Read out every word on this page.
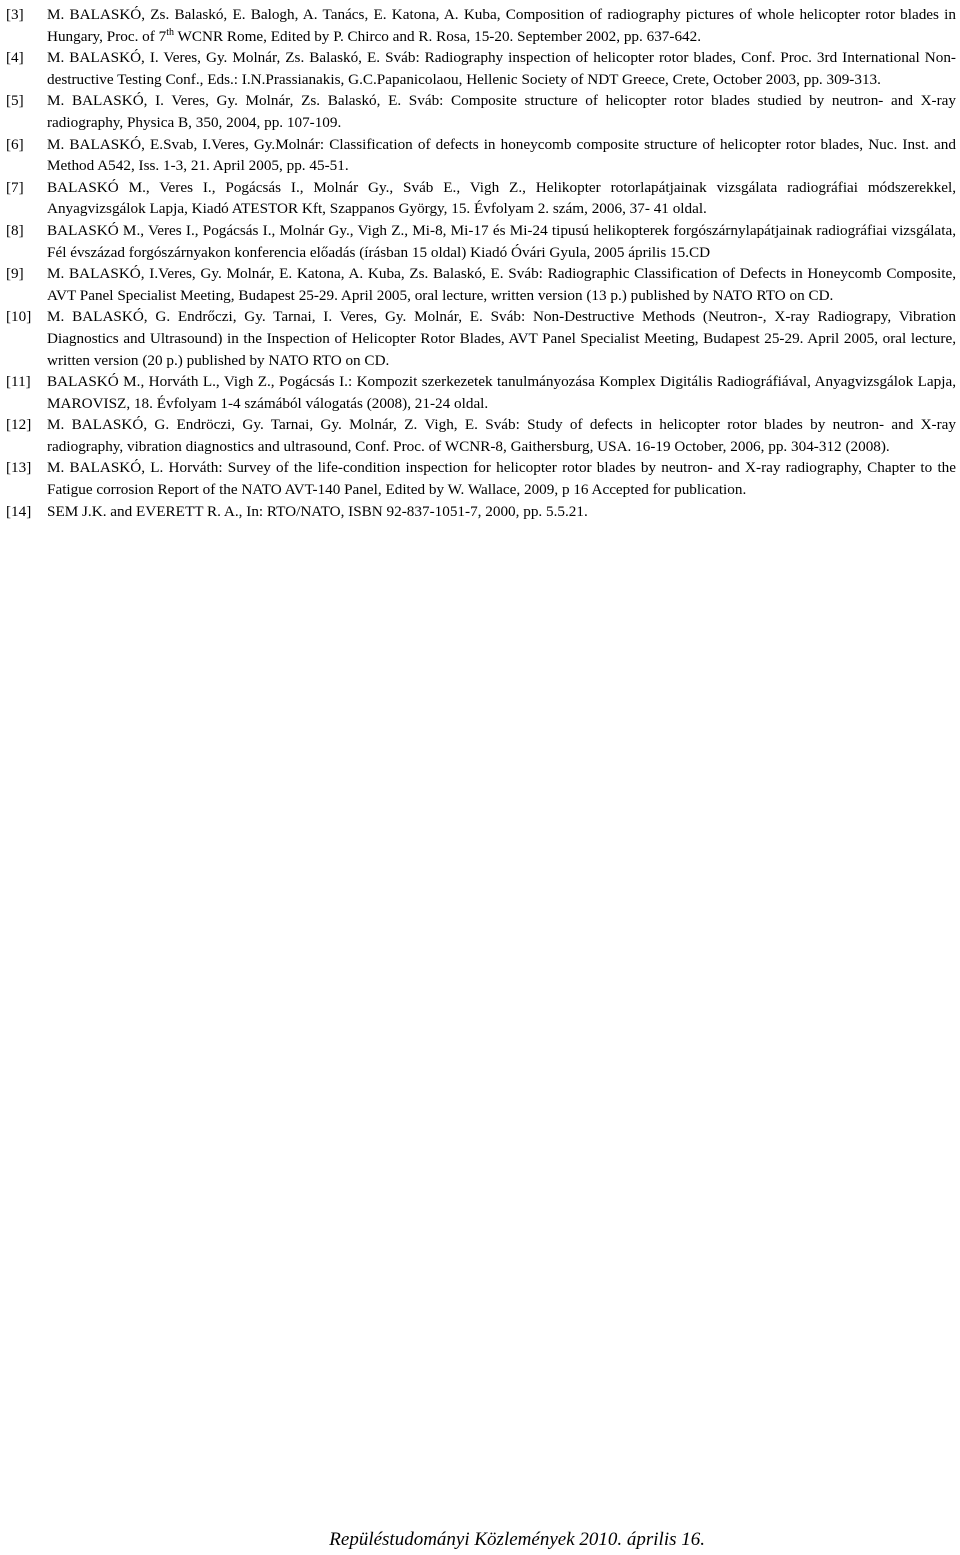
[3] M. BALASKÓ, Zs. Balaskó, E. Balogh, A. Tanács, E. Katona, A. Kuba, Composition of radiography pictures of whole helicopter rotor blades in Hungary, Proc. of 7th WCNR Rome, Edited by P. Chirco and R. Rosa, 15-20. September 2002, pp. 637-642.
[4] M. BALASKÓ, I. Veres, Gy. Molnár, Zs. Balaskó, E. Sváb: Radiography inspection of helicopter rotor blades, Conf. Proc. 3rd International Non-destructive Testing Conf., Eds.: I.N.Prassianakis, G.C.Papanicolaou, Hellenic Society of NDT Greece, Crete, October 2003, pp. 309-313.
[5] M. BALASKÓ, I. Veres, Gy. Molnár, Zs. Balaskó, E. Sváb: Composite structure of helicopter rotor blades studied by neutron- and X-ray radiography, Physica B, 350, 2004, pp. 107-109.
[6] M. BALASKÓ, E.Svab, I.Veres, Gy.Molnár: Classification of defects in honeycomb composite structure of helicopter rotor blades, Nuc. Inst. and Method A542, Iss. 1-3, 21. April 2005, pp. 45-51.
[7] BALASKÓ M., Veres I., Pogácsás I., Molnár Gy., Sváb E., Vigh Z., Helikopter rotorlapátjainak vizsgálata radiográfiai módszerekkel, Anyagvizsgálok Lapja, Kiadó ATESTOR Kft, Szappanos György, 15. Évfolyam 2. szám, 2006, 37- 41 oldal.
[8] BALASKÓ M., Veres I., Pogácsás I., Molnár Gy., Vigh Z., Mi-8, Mi-17 és Mi-24 tipusú helikopterek forgószárnylapátjainak radiográfiai vizsgálata, Fél évszázad forgószárnyakon konferencia előadás (írásban 15 oldal) Kiadó Óvári Gyula, 2005 április 15.CD
[9] M. BALASKÓ, I.Veres, Gy. Molnár, E. Katona, A. Kuba, Zs. Balaskó, E. Sváb: Radiographic Classification of Defects in Honeycomb Composite, AVT Panel Specialist Meeting, Budapest 25-29. April 2005, oral lecture, written version (13 p.) published by NATO RTO on CD.
[10] M. BALASKÓ, G. Endrőczi, Gy. Tarnai, I. Veres, Gy. Molnár, E. Sváb: Non-Destructive Methods (Neutron-, X-ray Radiograpy, Vibration Diagnostics and Ultrasound) in the Inspection of Helicopter Rotor Blades, AVT Panel Specialist Meeting, Budapest 25-29. April 2005, oral lecture, written version (20 p.) published by NATO RTO on CD.
[11] BALASKÓ M., Horváth L., Vigh Z., Pogácsás I.: Kompozit szerkezetek tanulmányozása Komplex Digitális Radiográfiával, Anyagvizsgálok Lapja, MAROVISZ, 18. Évfolyam 1-4 számából válogatás (2008), 21-24 oldal.
[12] M. BALASKÓ, G. Endröczi, Gy. Tarnai, Gy. Molnár, Z. Vigh, E. Sváb: Study of defects in helicopter rotor blades by neutron- and X-ray radiography, vibration diagnostics and ultrasound, Conf. Proc. of WCNR-8, Gaithersburg, USA. 16-19 October, 2006, pp. 304-312 (2008).
[13] M. BALASKÓ, L. Horváth: Survey of the life-condition inspection for helicopter rotor blades by neutron- and X-ray radiography, Chapter to the Fatigue corrosion Report of the NATO AVT-140 Panel, Edited by W. Wallace, 2009, p 16 Accepted for publication.
[14] SEM J.K. and EVERETT R. A., In: RTO/NATO, ISBN 92-837-1051-7, 2000, pp. 5.5.21.
Repüléstudományi Közlemények 2010. április 16.
